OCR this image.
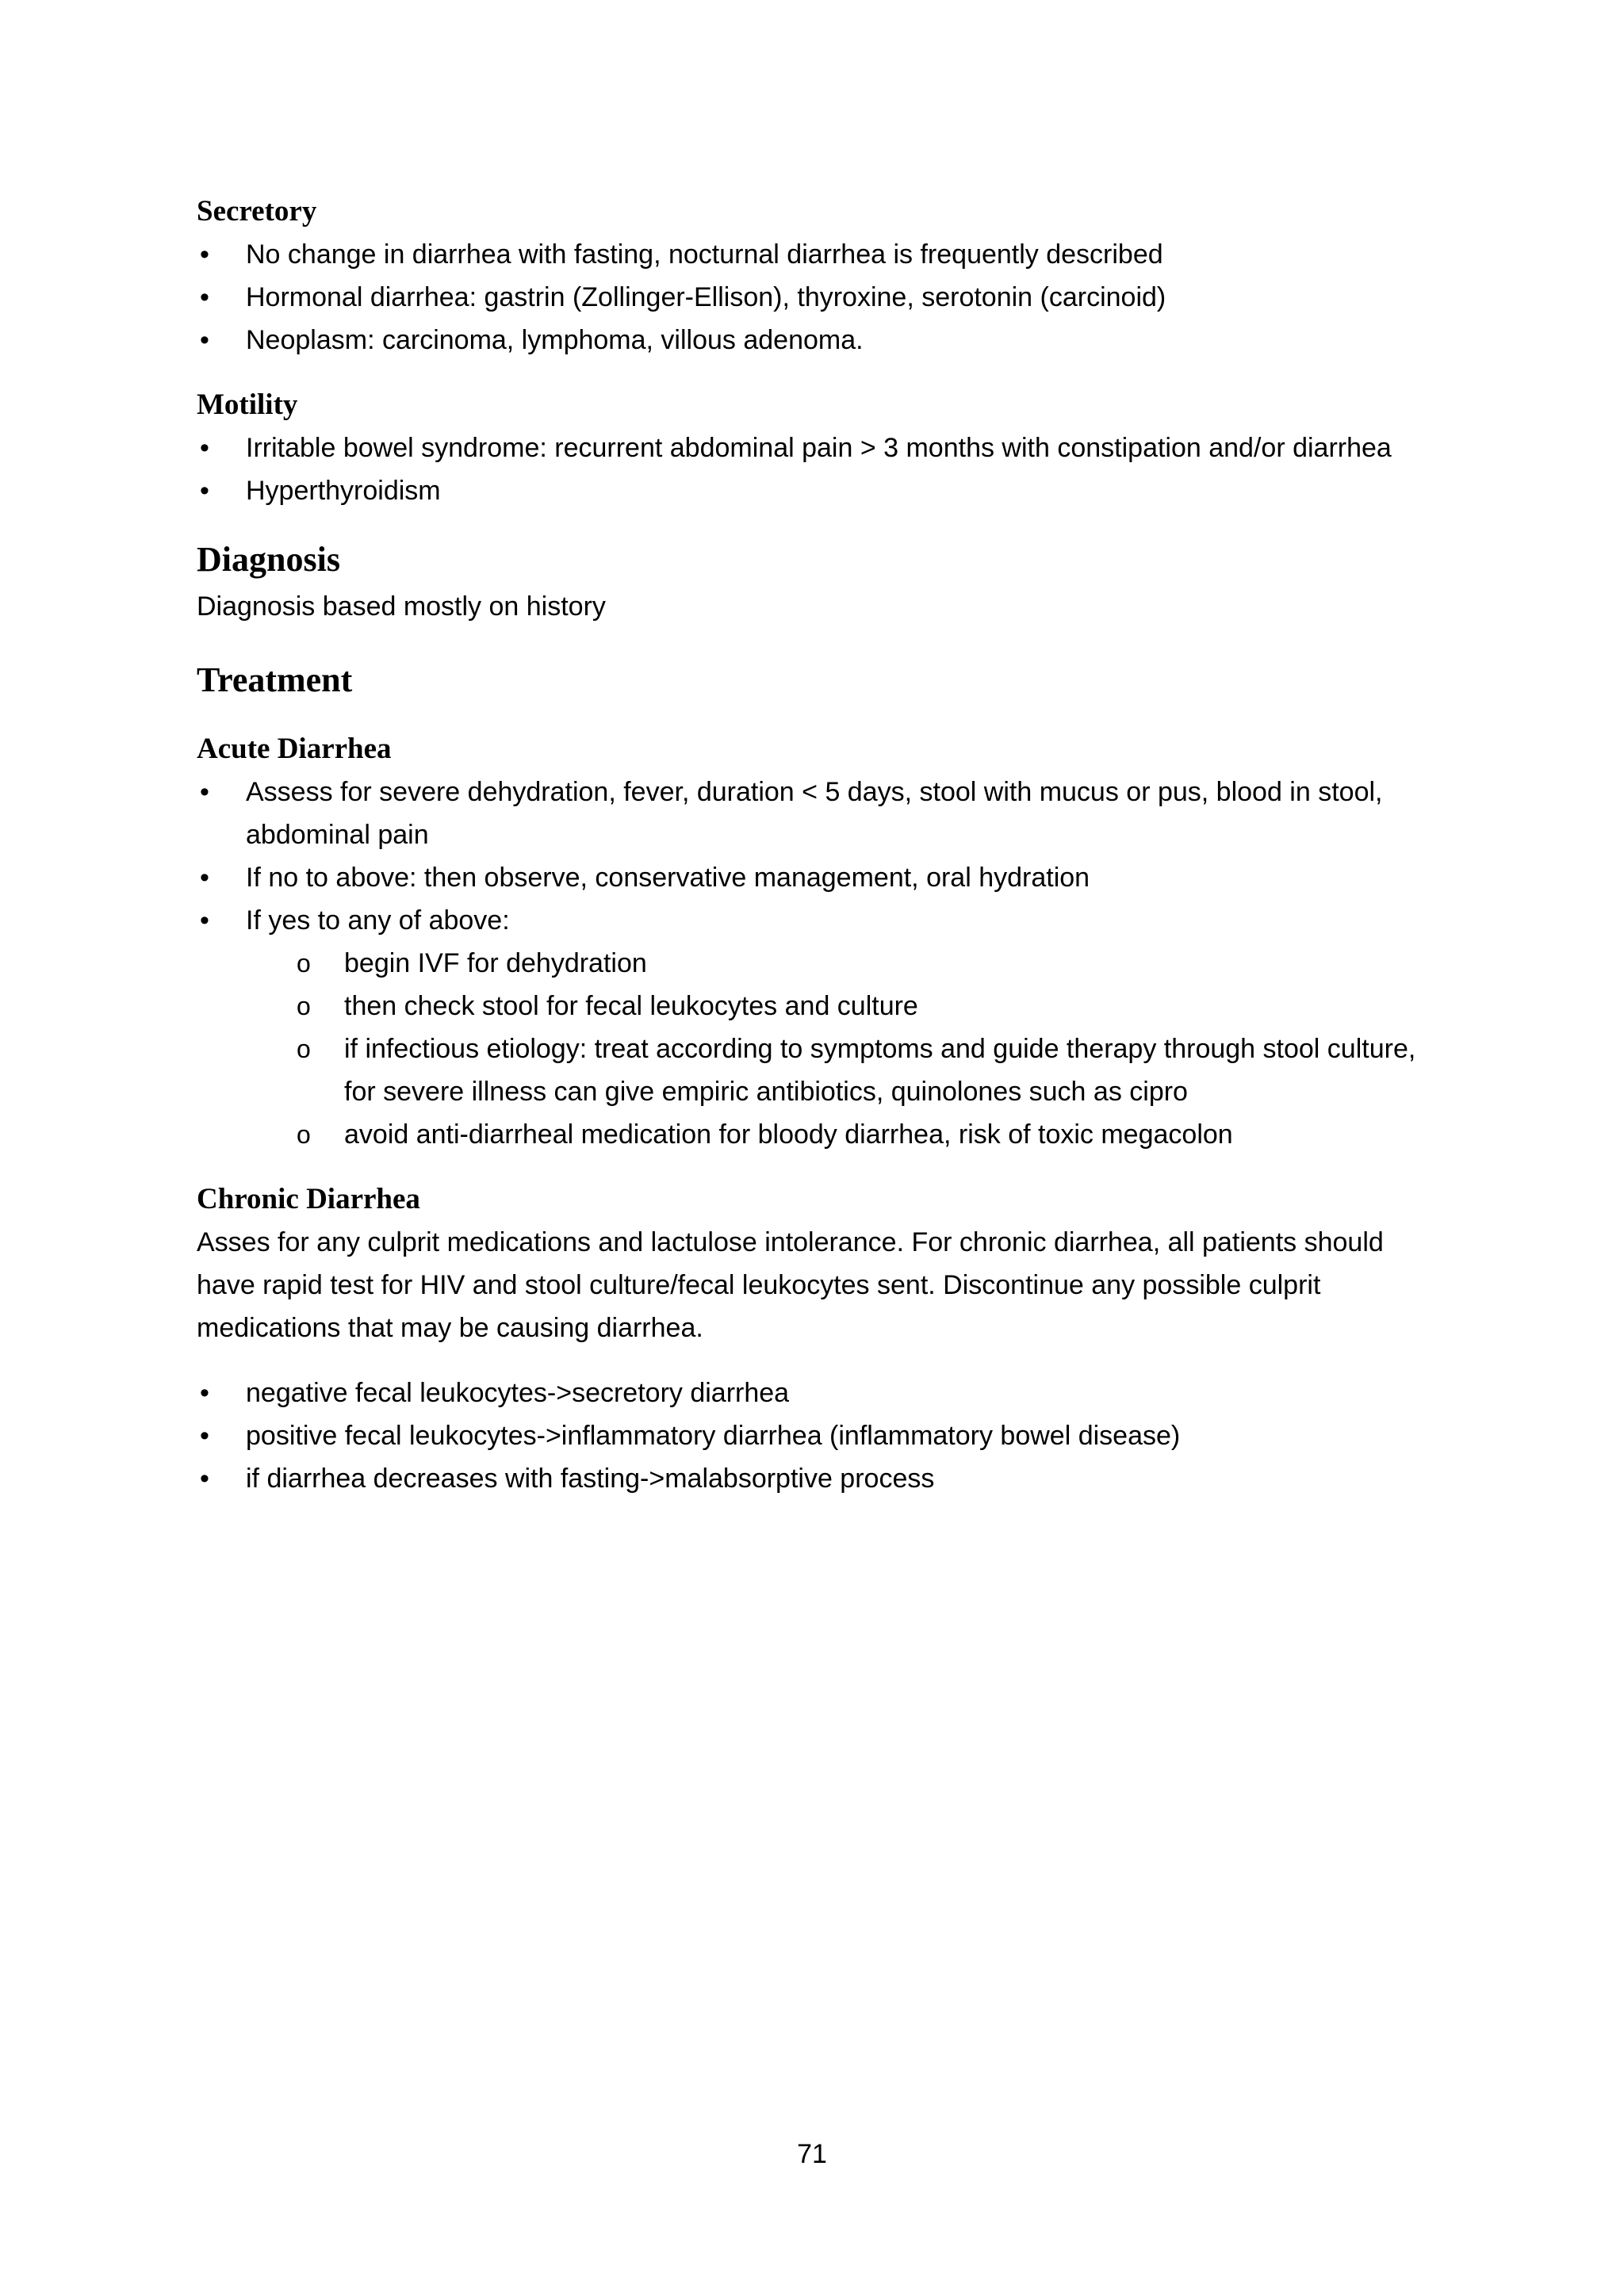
Secretory
• No change in diarrhea with fasting, nocturnal diarrhea is frequently described
• Hormonal diarrhea: gastrin (Zollinger-Ellison), thyroxine, serotonin (carcinoid)
• Neoplasm: carcinoma, lymphoma, villous adenoma.
Motility
• Irritable bowel syndrome: recurrent abdominal pain > 3 months with constipation and/or diarrhea
• Hyperthyroidism
Diagnosis

Diagnosis based mostly on history

Treatment
Acute Diarrhea
• Assess for severe dehydration, fever, duration < 5 days, stool with mucus or pus, blood in stool, abdominal pain
• If no to above: then observe, conservative management, oral hydration
• If yes to any of above:
o begin IVF for dehydration
o then check stool for fecal leukocytes and culture
o if infectious etiology: treat according to symptoms and guide therapy through stool culture, for severe illness can give empiric antibiotics, quinolones such as cipro
o avoid anti-diarrheal medication for bloody diarrhea, risk of toxic megacolon
Chronic Diarrhea

Asses for any culprit medications and lactulose intolerance. For chronic diarrhea, all patients should have rapid test for HIV and stool culture/fecal leukocytes sent. Discontinue any possible culprit medications that may be causing diarrhea.

• negative fecal leukocytes->secretory diarrhea
• positive fecal leukocytes->inflammatory diarrhea (inflammatory bowel disease)
• if diarrhea decreases with fasting->malabsorptive process
71
